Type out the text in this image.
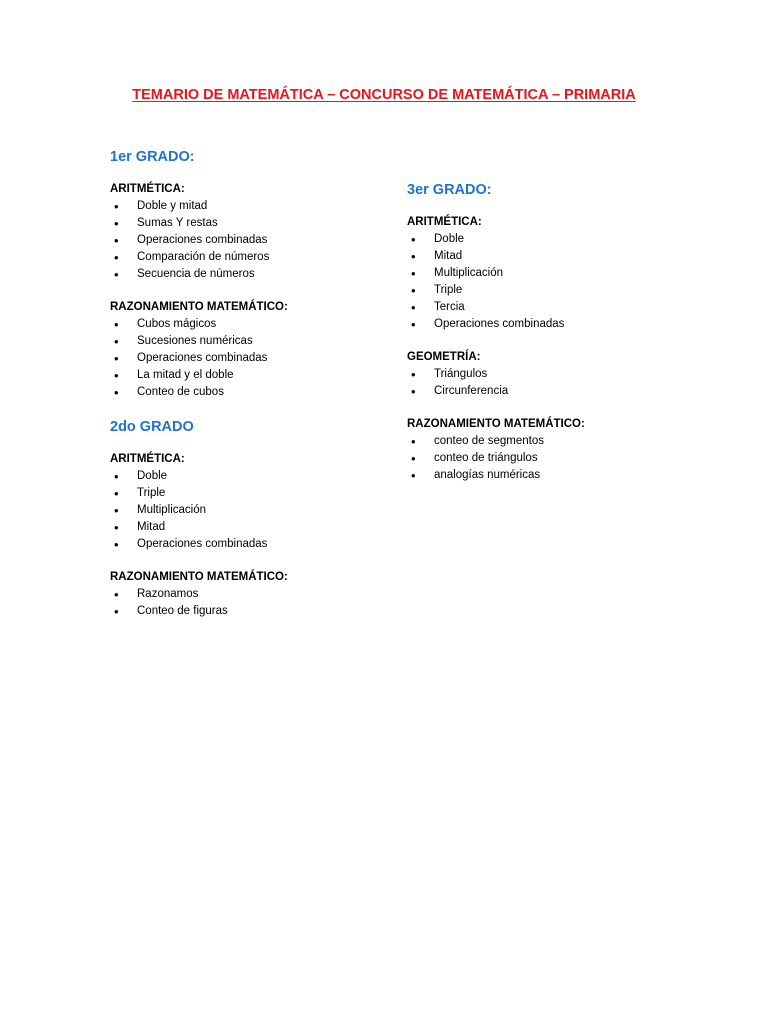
TEMARIO DE MATEMÁTICA – CONCURSO DE MATEMÁTICA – PRIMARIA
1er GRADO:
ARITMÉTICA:
• Doble y mitad
• Sumas Y restas
• Operaciones combinadas
• Comparación de números
• Secuencia de números
RAZONAMIENTO MATEMÁTICO:
• Cubos mágicos
• Sucesiones numéricas
• Operaciones combinadas
• La mitad y el doble
• Conteo de cubos
2do GRADO
ARITMÉTICA:
• Doble
• Triple
• Multiplicación
• Mitad
• Operaciones combinadas
RAZONAMIENTO MATEMÁTICO:
• Razonamos
• Conteo de figuras
3er GRADO:
ARITMÉTICA:
• Doble
• Mitad
• Multiplicación
• Triple
• Tercia
• Operaciones combinadas
GEOMETRÍA:
• Triángulos
• Circunferencia
RAZONAMIENTO MATEMÁTICO:
• conteo de segmentos
• conteo de triángulos
• analogías numéricas
